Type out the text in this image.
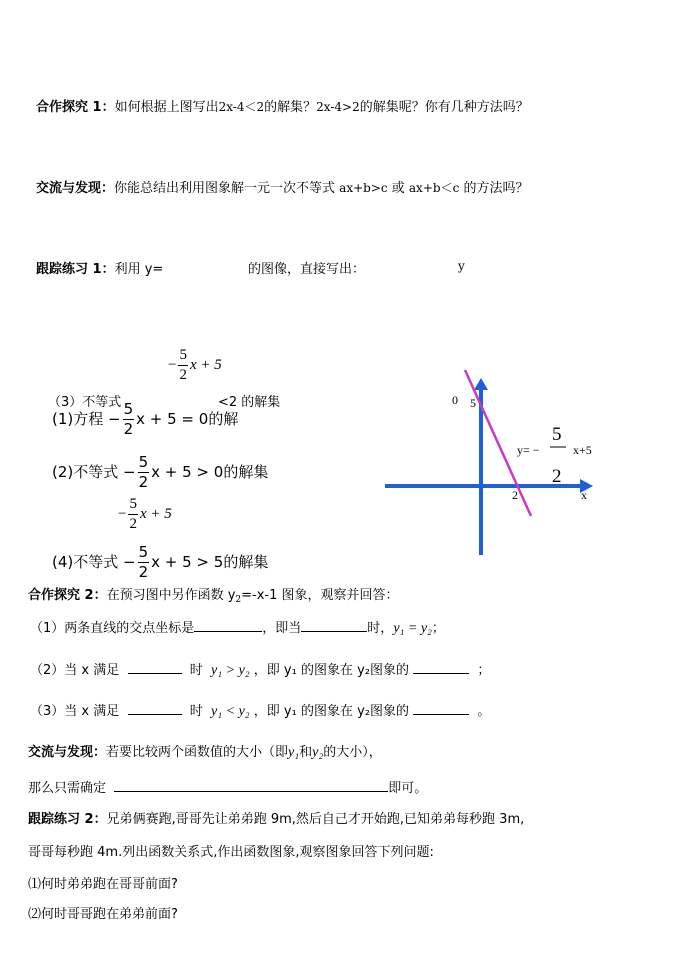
合作探究 1：如何根据上图写出2x-4＜2的解集？2x-4>2的解集呢？你有几种方法吗？
交流与发现：你能总结出利用图象解一元一次不等式 ax+b>c 或 ax+b＜c 的方法吗？
跟踪练习 1：利用 y=	的图像，直接写出：	y
− $\frac{5}{2}$ x + 5
（3）不等式	<2 的解集
(1)方程 − $\frac{5}{2}$ x + 5 = 0的解
(2)不等式 − $\frac{5}{2}$ x + 5 > 0的解集
− $\frac{5}{2}$ x + 5
(4)不等式 − $\frac{5}{2}$ x + 5 > 5的解集
0 5
2	x
y= −
5
2
x+5
合作探究 2：在预习图中另作函数 $y_2=-x-1$ 图象，观察并回答：
（1）两条直线的交点坐标是	，即当	时，y₁ = y₂；
（2）当 x 满足	时 y₁ > y₂ ，即 y₁ 的图象在 y₂图象的	；
（3）当 x 满足	时 y₁ < y₂ ，即 y₁ 的图象在 y₂图象的	。
交流与发现：若要比较两个函数值的大小（即y₁和y₂的大小），
那么只需确定	即可。
跟踪练习 2：兄弟俩赛跑,哥哥先让弟弟跑 9m,然后自己才开始跑,已知弟弟每秒跑 3m,
哥哥每秒跑 4m.列出函数关系式,作出函数图象,观察图象回答下列问题:
⑴何时弟弟跑在哥哥前面?
⑵何时哥哥跑在弟弟前面?
